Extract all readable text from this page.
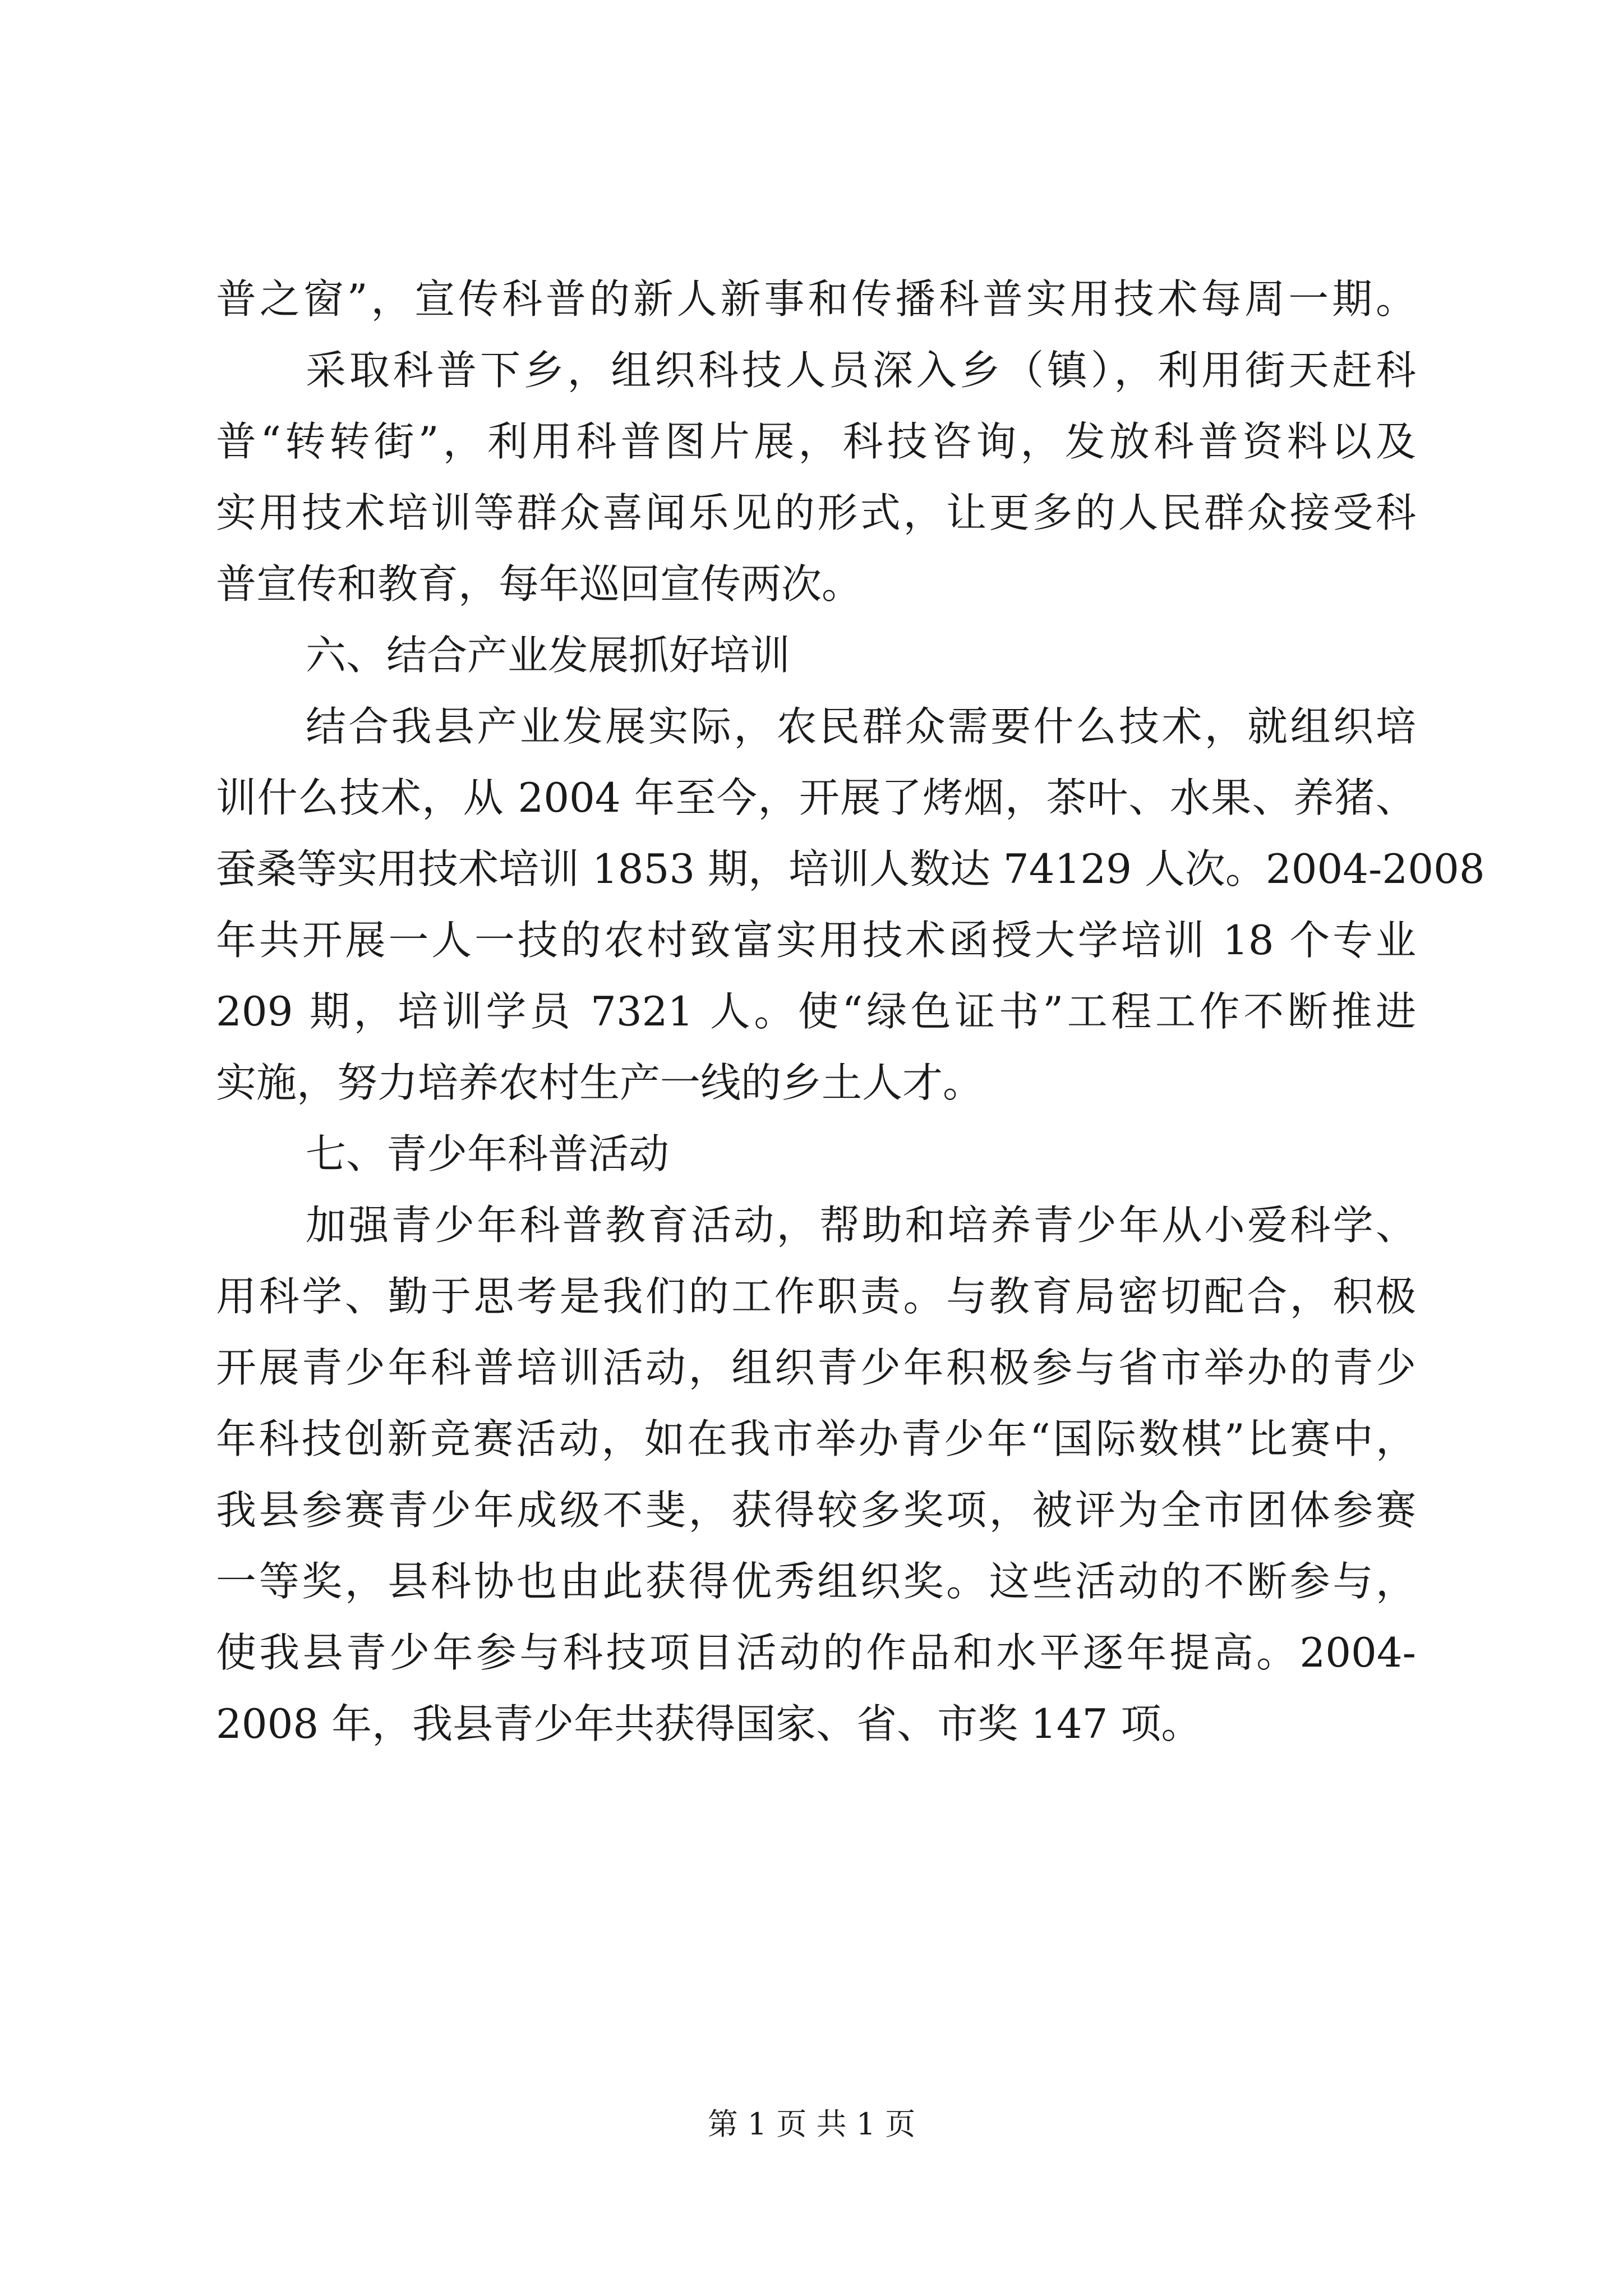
普之窗”，宣传科普的新人新事和传播科普实用技术每周一期。

采取科普下乡，组织科技人员深入乡（镇），利用街天赶科

普“转转街”，利用科普图片展，科技咨询，发放科普资料以及

实用技术培训等群众喜闻乐见的形式，让更多的人民群众接受科

普宣传和教育，每年巡回宣传两次。

六、结合产业发展抓好培训

结合我县产业发展实际，农民群众需要什么技术，就组织培

训什么技术，从 2004 年至今，开展了烤烟，茶叶、水果、养猪、

蚕桑等实用技术培训 1853 期，培训人数达 74129 人次。2004-2008

年共开展一人一技的农村致富实用技术函授大学培训 18 个专业

209 期，培训学员 7321 人。使“绿色证书”工程工作不断推进

实施，努力培养农村生产一线的乡土人才。

七、青少年科普活动

加强青少年科普教育活动，帮助和培养青少年从小爱科学、

用科学、勤于思考是我们的工作职责。与教育局密切配合，积极

开展青少年科普培训活动，组织青少年积极参与省市举办的青少

年科技创新竞赛活动，如在我市举办青少年“国际数棋”比赛中，

我县参赛青少年成级不斐，获得较多奖项，被评为全市团体参赛

一等奖，县科协也由此获得优秀组织奖。这些活动的不断参与，

使我县青少年参与科技项目活动的作品和水平逐年提高。2004-

2008 年，我县青少年共获得国家、省、市奖 147 项。

第 1 页 共 1 页
